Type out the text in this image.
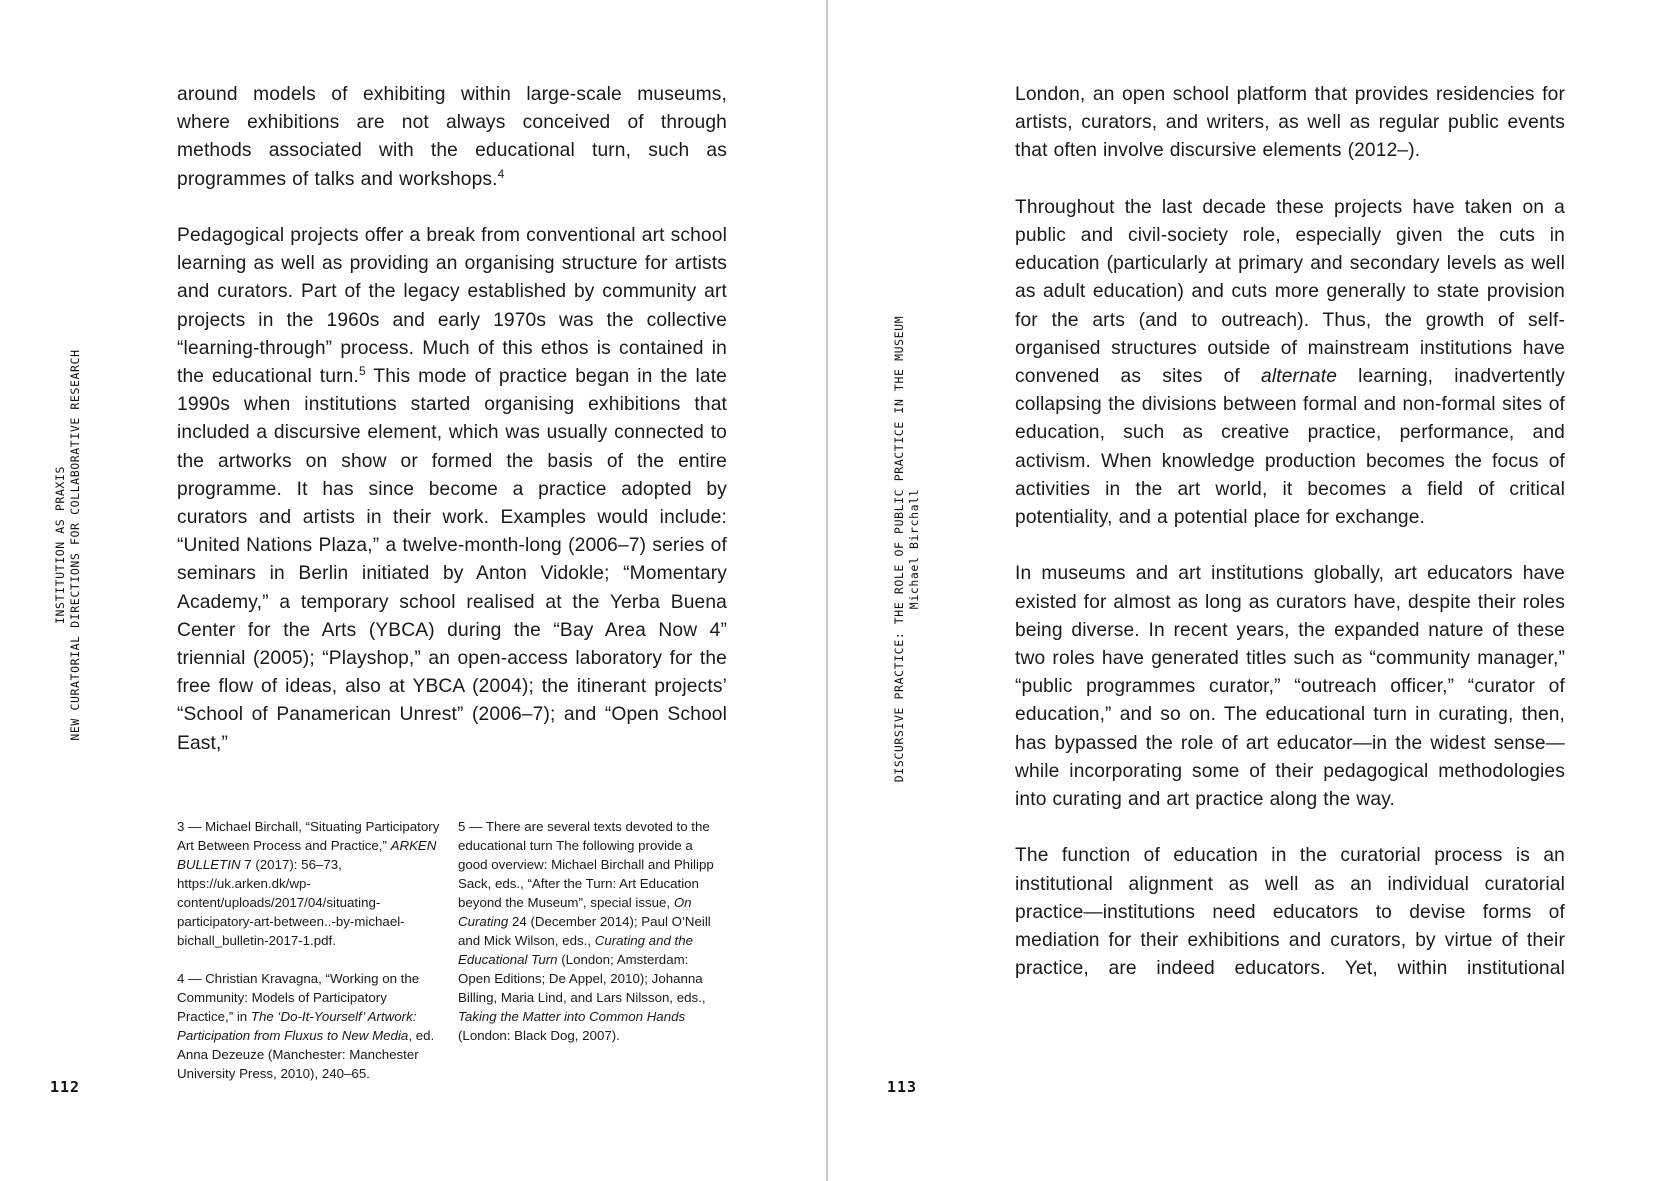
INSTITUTION AS PRAXIS NEW CURATORIAL DIRECTIONS FOR COLLABORATIVE RESEARCH

around models of exhibiting within large-scale museums, where exhibitions are not always conceived of through methods associated with the educational turn, such as programmes of talks and workshops.$^4$

Pedagogical projects offer a break from conventional art school learning as well as providing an organising structure for artists and curators. Part of the legacy established by community art projects in the 1960s and early 1970s was the collective “learning-through” process. Much of this ethos is contained in the educational turn.$^5$ This mode of practice began in the late 1990s when institutions started organising exhibitions that included a discursive element, which was usually connected to the artworks on show or formed the basis of the entire programme. It has since become a practice adopted by curators and artists in their work. Examples would include: “United Nations Plaza,” a twelve-month-long (2006–7) series of seminars in Berlin initiated by Anton Vidokle; “Momentary Academy,” a temporary school realised at the Yerba Buena Center for the Arts (YBCA) during the “Bay Area Now 4” triennial (2005); “Playshop,” an open-access laboratory for the free flow of ideas, also at YBCA (2004); the itinerant projects’ “School of Panamerican Unrest” (2006–7); and “Open School East,”

3 — Michael Birchall, “Situating Participatory Art Between Process and Practice,” ARKEN BULLETIN 7 (2017): 56–73, https://uk.arken.dk/wp-content/uploads/2017/04/situating-participatory-art-between..-by-michael-bichall_bulletin-2017-1.pdf.

4 — Christian Kravagna, “Working on the Community: Models of Participatory Practice,” in The ‘Do-It-Yourself’ Artwork: Participation from Fluxus to New Media, ed. Anna Dezeuze (Manchester: Manchester University Press, 2010), 240–65.

5 — There are several texts devoted to the educational turn The following provide a good overview: Michael Birchall and Philipp Sack, eds., “After the Turn: Art Education beyond the Museum”, special issue, On Curating 24 (December 2014); Paul O’Neill and Mick Wilson, eds., Curating and the Educational Turn (London; Amsterdam: Open Editions; De Appel, 2010); Johanna Billing, Maria Lind, and Lars Nilsson, eds., Taking the Matter into Common Hands (London: Black Dog, 2007).

112
DISCURSIVE PRACTICE: THE ROLE OF PUBLIC PRACTICE IN THE MUSEUM Michael Birchall

London, an open school platform that provides residencies for artists, curators, and writers, as well as regular public events that often involve discursive elements (2012–).

Throughout the last decade these projects have taken on a public and civil-society role, especially given the cuts in education (particularly at primary and secondary levels as well as adult education) and cuts more generally to state provision for the arts (and to outreach). Thus, the growth of self-organised structures outside of mainstream institutions have convened as sites of alternate learning, inadvertently collapsing the divisions between formal and non-formal sites of education, such as creative practice, performance, and activism. When knowledge production becomes the focus of activities in the art world, it becomes a field of critical potentiality, and a potential place for exchange.

In museums and art institutions globally, art educators have existed for almost as long as curators have, despite their roles being diverse. In recent years, the expanded nature of these two roles have generated titles such as “community manager,” “public programmes curator,” “outreach officer,” “curator of education,” and so on. The educational turn in curating, then, has bypassed the role of art educator—in the widest sense—while incorporating some of their pedagogical methodologies into curating and art practice along the way.

The function of education in the curatorial process is an institutional alignment as well as an individual curatorial practice—institutions need educators to devise forms of mediation for their exhibitions and curators, by virtue of their practice, are indeed educators. Yet, within institutional

113
